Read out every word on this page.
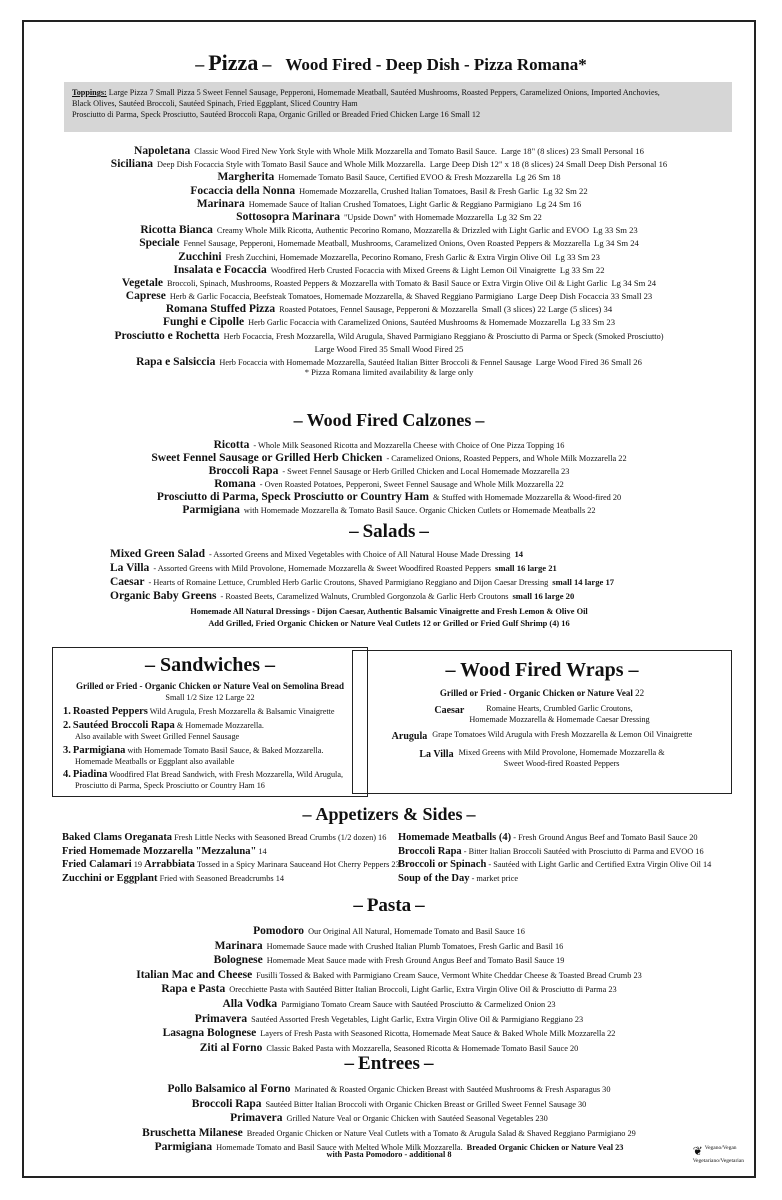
– Pizza – Wood Fired - Deep Dish - Pizza Romana*
Toppings: Large Pizza 7 Small Pizza 5 Sweet Fennel Sausage, Pepperoni, Homemade Meatball, Sautéed Mushrooms, Roasted Peppers, Caramelized Onions, Imported Anchovies,
Black Olives, Sautéed Broccoli, Sautéed Spinach, Fried Eggplant, Sliced Country Ham
Prosciutto di Parma, Speck Prosciutto, Sautéed Broccoli Rapa, Organic Grilled or Breaded Fried Chicken Large 16 Small 12
Napoletana Classic Wood Fired New York Style with Whole Milk Mozzarella and Tomato Basil Sauce. Large 18" (8 slices) 23 Small Personal 16
Siciliana Deep Dish Focaccia Style with Tomato Basil Sauce and Whole Milk Mozzarella. Large Deep Dish 12" x 18 (8 slices) 24 Small Deep Dish Personal 16
Margherita Homemade Tomato Basil Sauce, Certified EVOO & Fresh Mozzarella Lg 26 Sm 18
Focaccia della Nonna Homemade Mozzarella, Crushed Italian Tomatoes, Basil & Fresh Garlic Lg 32 Sm 22
Marinara Homemade Sauce of Italian Crushed Tomatoes, Light Garlic & Reggiano Parmigiano Lg 24 Sm 16
Sottosopra Marinara "Upside Down" with Homemade Mozzarella Lg 32 Sm 22
Ricotta Bianca Creamy Whole Milk Ricotta, Authentic Pecorino Romano, Mozzarella & Drizzled with Light Garlic and EVOO Lg 33 Sm 23
Speciale Fennel Sausage, Pepperoni, Homemade Meatball, Mushrooms, Caramelized Onions, Oven Roasted Peppers & Mozzarella Lg 34 Sm 24
Zucchini Fresh Zucchini, Homemade Mozzarella, Pecorino Romano, Fresh Garlic & Extra Virgin Olive Oil Lg 33 Sm 23
Insalata e Focaccia Woodfired Herb Crusted Focaccia with Mixed Greens & Light Lemon Oil Vinaigrette Lg 33 Sm 22
Vegetale Broccoli, Spinach, Mushrooms, Roasted Peppers & Mozzarella with Tomato & Basil Sauce or Extra Virgin Olive Oil & Light Garlic Lg 34 Sm 24
Caprese Herb & Garlic Focaccia, Beefsteak Tomatoes, Homemade Mozzarella, & Shaved Reggiano Parmigiano Large Deep Dish Focaccia 33 Small 23
Romana Stuffed Pizza Roasted Potatoes, Fennel Sausage, Pepperoni & Mozzarella Small (3 slices) 22 Large (5 slices) 34
Funghi e Cipolle Herb Garlic Focaccia with Caramelized Onions, Sautéed Mushrooms & Homemade Mozzarella Lg 33 Sm 23
Prosciutto e Rochetta Herb Focaccia, Fresh Mozzarella, Wild Arugula, Shaved Parmigiano Reggiano & Prosciutto di Parma or Speck (Smoked Prosciutto)
Large Wood Fired 35 Small Wood Fired 25
Rapa e Salsiccia Herb Focaccia with Homemade Mozzarella, Sautéed Italian Bitter Broccoli & Fennel Sausage Large Wood Fired 36 Small 26
* Pizza Romana limited availability & large only
– Wood Fired Calzones –
Ricotta - Whole Milk Seasoned Ricotta and Mozzarella Cheese with Choice of One Pizza Topping 16
Sweet Fennel Sausage or Grilled Herb Chicken - Caramelized Onions, Roasted Peppers, and Whole Milk Mozzarella 22
Broccoli Rapa - Sweet Fennel Sausage or Herb Grilled Chicken and Local Homemade Mozzarella 23
Romana - Oven Roasted Potatoes, Pepperoni, Sweet Fennel Sausage and Whole Milk Mozzarella 22
Prosciutto di Parma, Speck Prosciutto or Country Ham & Stuffed with Homemade Mozzarella & Wood-fired 20
Parmigiana with Homemade Mozzarella & Tomato Basil Sauce. Organic Chicken Cutlets or Homemade Meatballs 22
– Salads –
Mixed Green Salad - Assorted Greens and Mixed Vegetables with Choice of All Natural House Made Dressing 14
La Villa - Assorted Greens with Mild Provolone, Homemade Mozzarella & Sweet Woodfired Roasted Peppers small 16 large 21
Caesar - Hearts of Romaine Lettuce, Crumbled Herb Garlic Croutons, Shaved Parmigiano Reggiano and Dijon Caesar Dressing small 14 large 17
Organic Baby Greens - Roasted Beets, Caramelized Walnuts, Crumbled Gorgonzola & Garlic Herb Croutons small 16 large 20
Homemade All Natural Dressings - Dijon Caesar, Authentic Balsamic Vinaigrette and Fresh Lemon & Olive Oil
Add Grilled, Fried Organic Chicken or Nature Veal Cutlets 12 or Grilled or Fried Gulf Shrimp (4) 16
– Sandwiches –
Grilled or Fried - Organic Chicken or Nature Veal on Semolina Bread
Small 1/2 Size 12 Large 22
1. Roasted Peppers Wild Arugula, Fresh Mozzarella & Balsamic Vinaigrette
2. Sautéed Broccoli Rapa & Homemade Mozzarella.
Also available with Sweet Grilled Fennel Sausage
3. Parmigiana with Homemade Tomato Basil Sauce, & Baked Mozzarella.
Homemade Meatballs or Eggplant also available
4. Piadina Woodfired Flat Bread Sandwich, with Fresh Mozzarella, Wild Arugula,
Prosciutto di Parma, Speck Prosciutto or Country Ham 16
– Wood Fired Wraps –
Grilled or Fried - Organic Chicken or Nature Veal 22
Caesar	Romaine Hearts, Crumbled Garlic Croutons,
Homemade Mozzarella & Homemade Caesar Dressing
Arugula Grape Tomatoes Wild Arugula with Fresh Mozzarella & Lemon Oil Vinaigrette
La Villa Mixed Greens with Mild Provolone, Homemade Mozzarella &
Sweet Wood-fired Roasted Peppers
– Appetizers & Sides –
Baked Clams Oreganata Fresh Little Necks with Seasoned Bread Crumbs (1/2 dozen) 16
Fried Homemade Mozzarella "Mezzaluna" 14
Fried Calamari 19 Arrabbiata Tossed in a Spicy Marinara Sauceand Hot Cherry Peppers 23
Zucchini or Eggplant Fried with Seasoned Breadcrumbs 14
Homemade Meatballs (4) - Fresh Ground Angus Beef and Tomato Basil Sauce 20
Broccoli Rapa - Bitter Italian Broccoli Sautéed with Prosciutto di Parma and EVOO 16
Broccoli or Spinach - Sautéed with Light Garlic and Certified Extra Virgin Olive Oil 14
Soup of the Day - market price
– Pasta –
Pomodoro Our Original All Natural, Homemade Tomato and Basil Sauce 16
Marinara Homemade Sauce made with Crushed Italian Plumb Tomatoes, Fresh Garlic and Basil 16
Bolognese Homemade Meat Sauce made with Fresh Ground Angus Beef and Tomato Basil Sauce 19
Italian Mac and Cheese Fusilli Tossed & Baked with Parmigiano Cream Sauce, Vermont White Cheddar Cheese & Toasted Bread Crumb 23
Rapa e Pasta Orecchiette Pasta with Sautéed Bitter Italian Broccoli, Light Garlic, Extra Virgin Olive Oil & Prosciutto di Parma 23
Alla Vodka Parmigiano Tomato Cream Sauce with Sautéed Prosciutto & Carmelized Onion 23
Primavera Sautéed Assorted Fresh Vegetables, Light Garlic, Extra Virgin Olive Oil & Parmigiano Reggiano 23
Lasagna Bolognese Layers of Fresh Pasta with Seasoned Ricotta, Homemade Meat Sauce & Baked Whole Milk Mozzarella 22
Ziti al Forno Classic Baked Pasta with Mozzarella, Seasoned Ricotta & Homemade Tomato Basil Sauce 20
– Entrees –
Pollo Balsamico al Forno Marinated & Roasted Organic Chicken Breast with Sautéed Mushrooms & Fresh Asparagus 30
Broccoli Rapa Sautéed Bitter Italian Broccoli with Organic Chicken Breast or Grilled Sweet Fennel Sausage 30
Primavera Grilled Nature Veal or Organic Chicken with Sautéed Seasonal Vegetables 230
Bruschetta Milanese Breaded Organic Chicken or Nature Veal Cutlets with a Tomato & Arugula Salad & Shaved Reggiano Parmigiano 29
Parmigiana Homemade Tomato and Basil Sauce with Melted Whole Milk Mozzarella. Breaded Organic Chicken or Nature Veal 23
with Pasta Pomodoro - additional 8	❦ Vegano/Vegan
Vegetariano/Vegetarian
